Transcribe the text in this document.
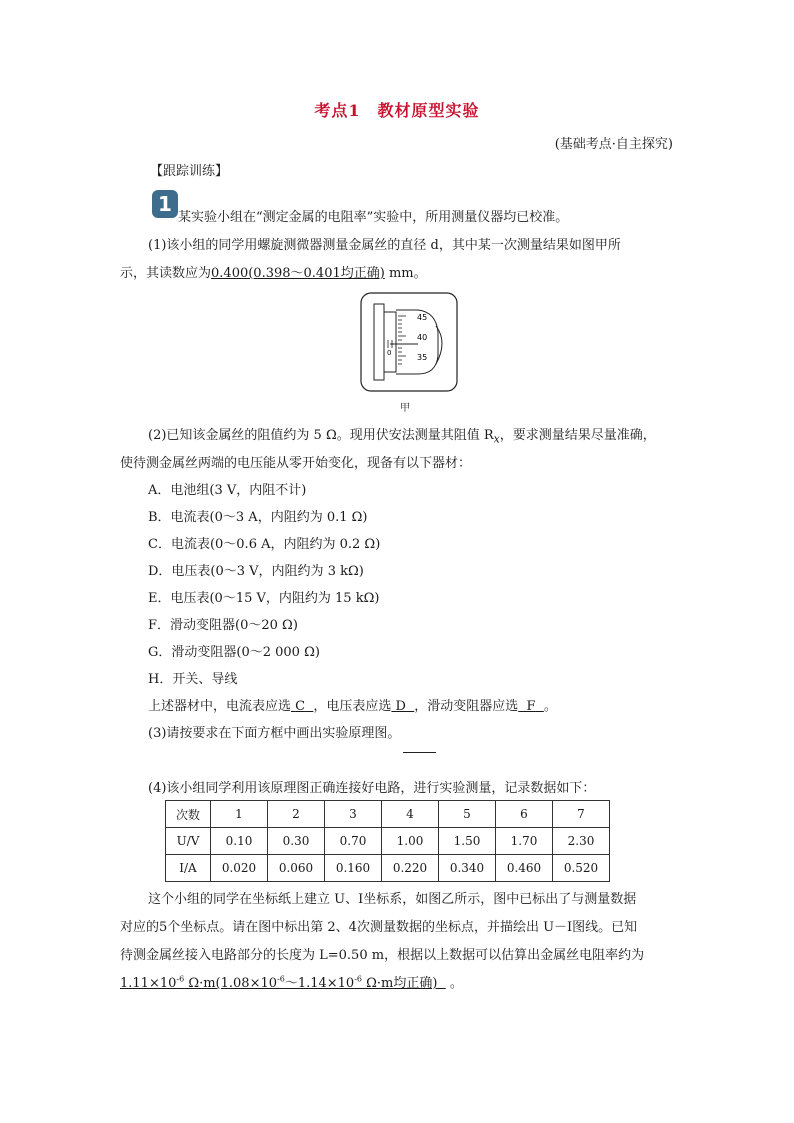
考点1　教材原型实验
(基础考点·自主探究)
【跟踪训练】
1
某实验小组在“测定金属的电阻率”实验中，所用测量仪器均已校准。
(1)该小组的同学用螺旋测微器测量金属丝的直径 d，其中某一次测量结果如图甲所
示，其读数应为0.400(0.398～0.401均正确) mm。
45
40
35
0
甲
(2)已知该金属丝的阻值约为 5 Ω。现用伏安法测量其阻值 $R_x$，要求测量结果尽量准确，
使待测金属丝两端的电压能从零开始变化，现备有以下器材：
A．电池组(3 V，内阻不计)
B．电流表(0～3 A，内阻约为 0.1 Ω)
C．电流表(0～0.6 A，内阻约为 0.2 Ω)
D．电压表(0～3 V，内阻约为 3 kΩ)
E．电压表(0～15 V，内阻约为 15 kΩ)
F．滑动变阻器(0～20 Ω)
G．滑动变阻器(0～2 000 Ω)
H．开关、导线
上述器材中，电流表应选 C ，电压表应选 D ，滑动变阻器应选 F 。
(3)请按要求在下面方框中画出实验原理图。
(4)该小组同学利用该原理图正确连接好电路，进行实验测量，记录数据如下：
次数	1	2	3	4	5	6	7
U/V	0.10	0.30	0.70	1.00	1.50	1.70	2.30
I/A	0.020	0.060	0.160	0.220	0.340	0.460	0.520
这个小组的同学在坐标纸上建立 U、I坐标系，如图乙所示，图中已标出了与测量数据
对应的5个坐标点。请在图中标出第 2、4次测量数据的坐标点，并描绘出 U－I图线。已知
待测金属丝接入电路部分的长度为 L=0.50 m，根据以上数据可以估算出金属丝电阻率约为
$1.11\times 10^{-6}$ $\Omega\cdot m(1.08\times 10^{-6}\sim 1.14\times 10^{-6}$ Ω·m均正确) 。
